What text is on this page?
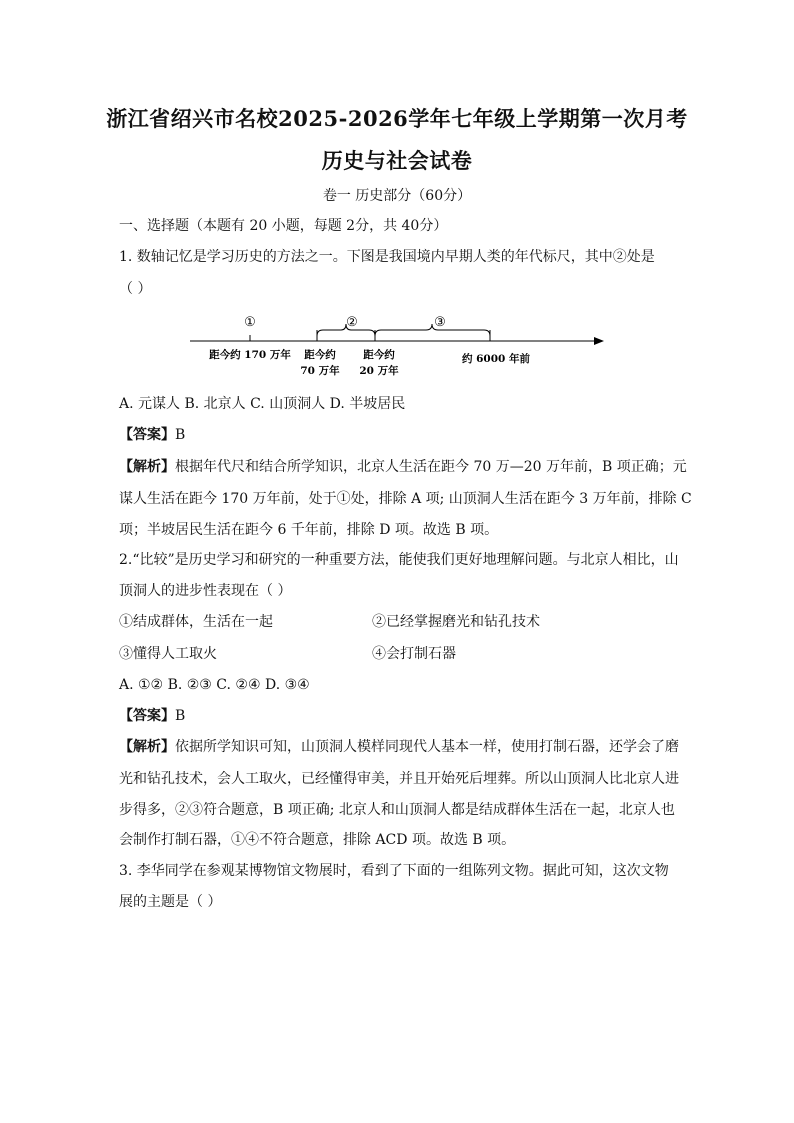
浙江省绍兴市名校2025-2026学年七年级上学期第一次月考
历史与社会试卷
卷一 历史部分（60分）
一、选择题（本题有 20 小题，每题 2分，共 40分）
1. 数轴记忆是学习历史的方法之一。下图是我国境内早期人类的年代标尺，其中②处是
（ ）
①	②	③
距今约 170 万年 距今约
70 万年
距今约
20 万年
约 6000 年前
A. 元谋人 B. 北京人 C. 山顶洞人 D. 半坡居民
【答案】B
【解析】根据年代尺和结合所学知识，北京人生活在距今 70 万—20 万年前，B 项正确；元
谋人生活在距今 170 万年前，处于①处，排除 A 项; 山顶洞人生活在距今 3 万年前，排除 C
项；半坡居民生活在距今 6 千年前，排除 D 项。故选 B 项。
2.“比较”是历史学习和研究的一种重要方法，能使我们更好地理解问题。与北京人相比，山
顶洞人的进步性表现在（ ）
①结成群体，生活在一起	②已经掌握磨光和钻孔技术
③懂得人工取火	④会打制石器
A. ①② B. ②③ C. ②④ D. ③④
【答案】B
【解析】依据所学知识可知，山顶洞人模样同现代人基本一样，使用打制石器，还学会了磨
光和钻孔技术，会人工取火，已经懂得审美，并且开始死后埋葬。所以山顶洞人比北京人进
步得多，②③符合题意，B 项正确; 北京人和山顶洞人都是结成群体生活在一起，北京人也
会制作打制石器，①④不符合题意，排除 ACD 项。故选 B 项。
3. 李华同学在参观某博物馆文物展时，看到了下面的一组陈列文物。据此可知，这次文物
展的主题是（ ）
